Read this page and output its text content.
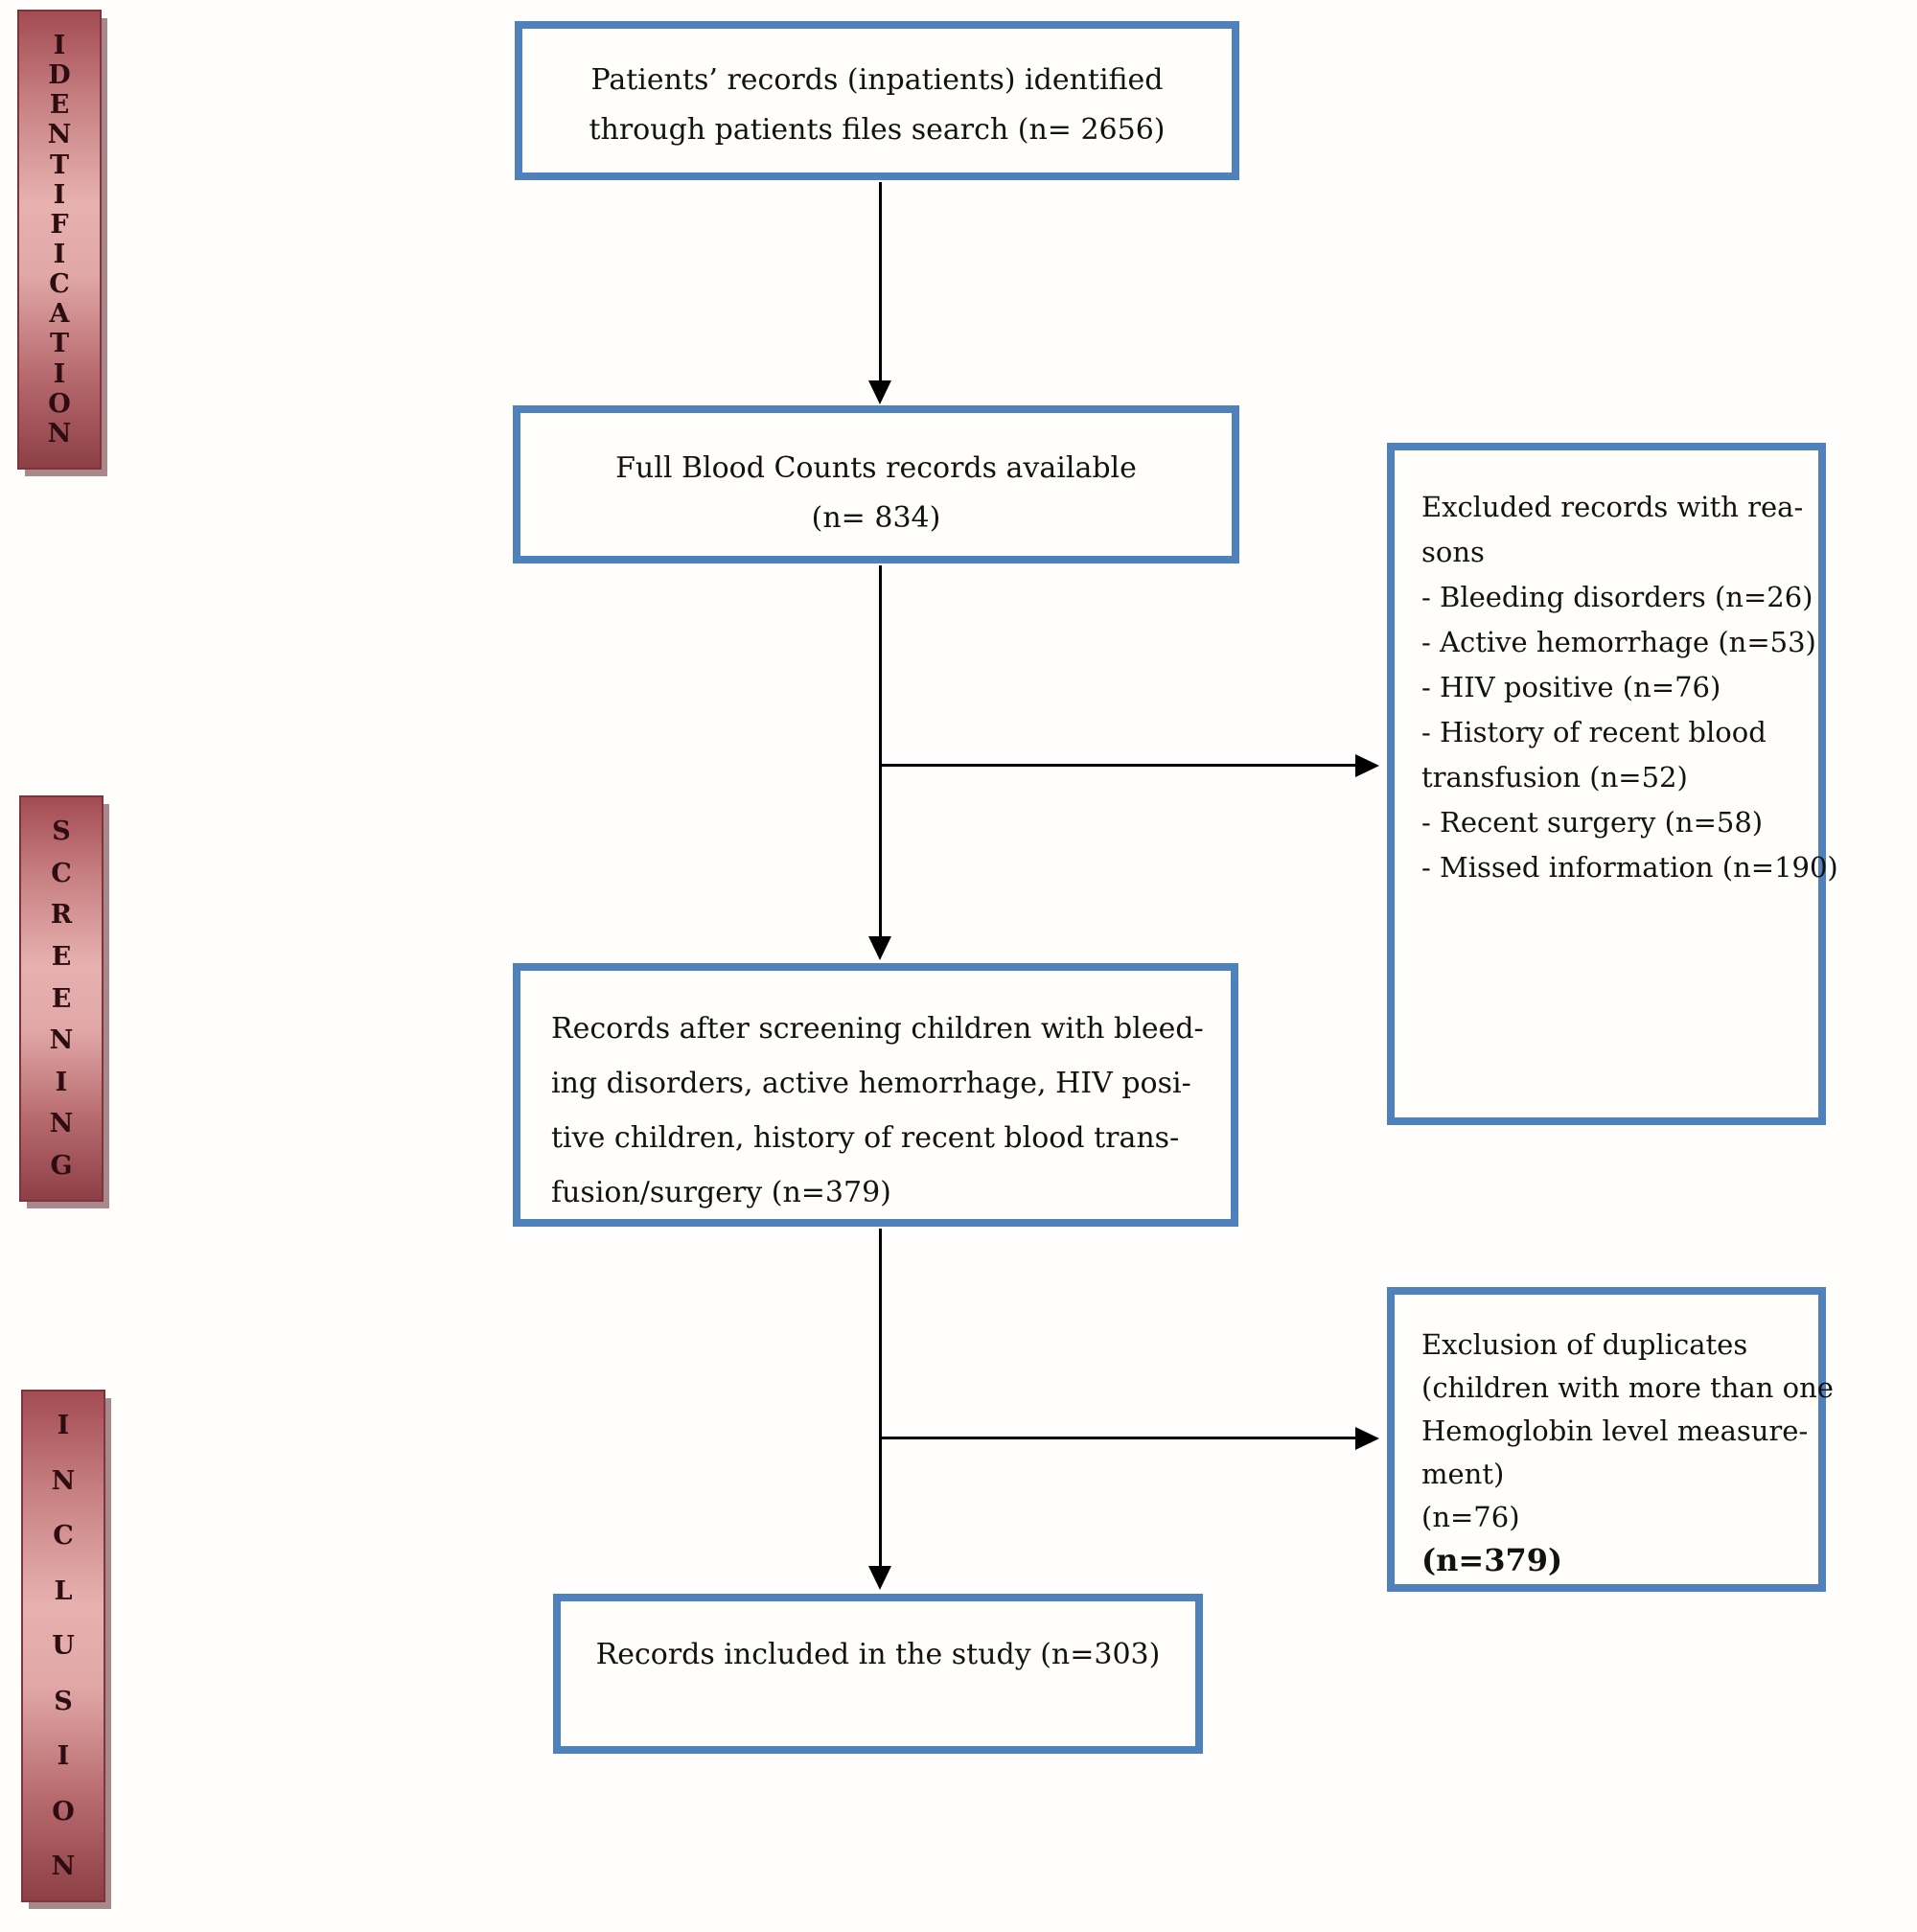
I
D
E
N
T
I
F
I
C
A
T
I
O
N
S
C
R
E
E
N
I
N
G
I
N
C
L
U
S
I
O
N
Patients’ records (inpatients) identified
through patients files search (n= 2656)
Full Blood Counts records available
(n= 834)	Excluded records with rea-
sons
- Bleeding disorders (n=26)
- Active hemorrhage (n=53)
- HIV positive (n=76)
- History of recent blood
transfusion (n=52)
- Recent surgery (n=58)
- Missed information (n=190)
Records after screening children with bleed-
ing disorders, active hemorrhage, HIV posi-
tive children, history of recent blood trans-
fusion/surgery (n=379)
Exclusion of duplicates
(children with more than one
Hemoglobin level measure-
ment)
(n=76)
(n=379)
Records included in the study (n=303)
